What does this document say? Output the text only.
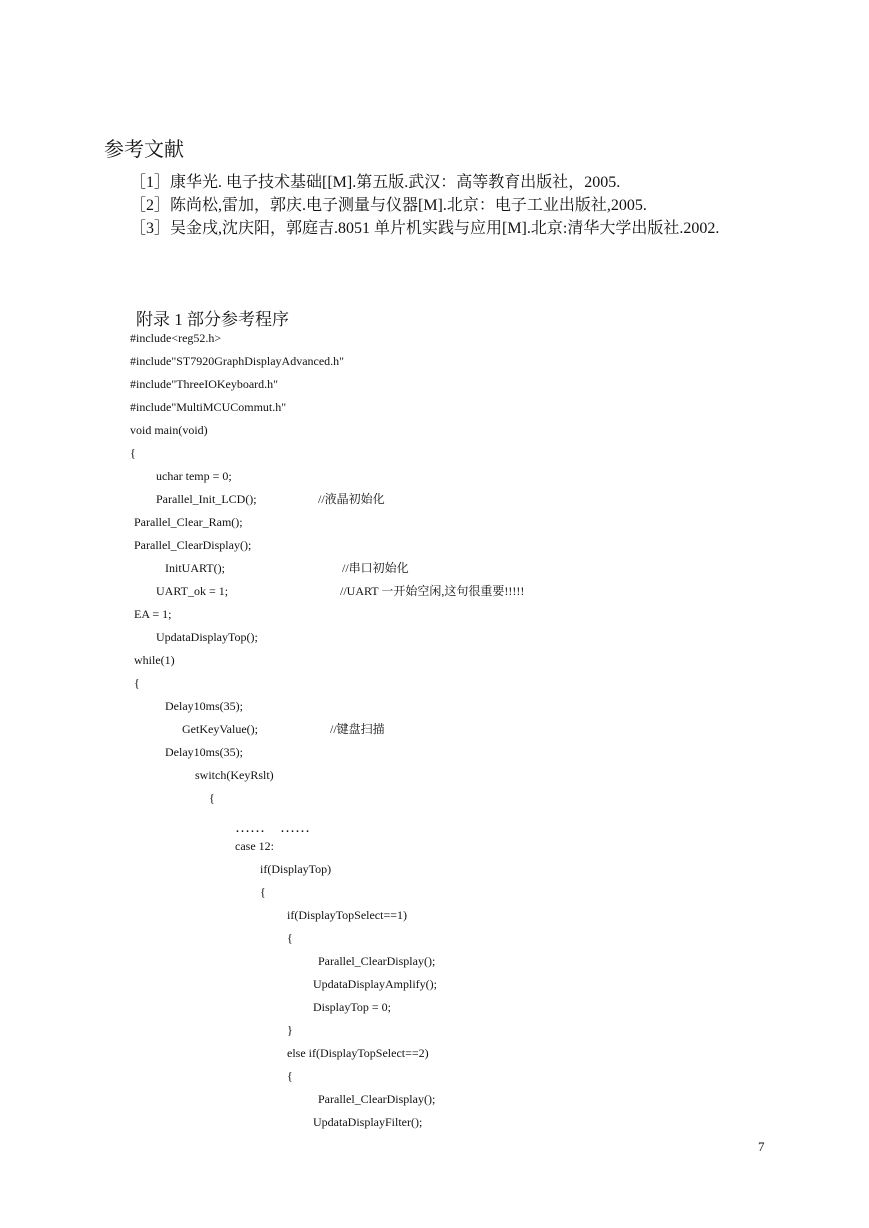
参考文献
［1］康华光. 电子技术基础[[M].第五版.武汉：高等教育出版社，2005.
［2］陈尚松,雷加，郭庆.电子测量与仪器[M].北京：电子工业出版社,2005.
［3］吴金戌,沈庆阳，郭庭吉.8051 单片机实践与应用[M].北京:清华大学出版社.2002.
附录 1 部分参考程序
#include<reg52.h>
#include"ST7920GraphDisplayAdvanced.h"
#include"ThreeIOKeyboard.h"
#include"MultiMCUCommut.h"
void main(void)
{
uchar temp = 0;
Parallel_Init_LCD();	//液晶初始化
Parallel_Clear_Ram();
Parallel_ClearDisplay();
InitUART();	//串口初始化
UART_ok = 1;	//UART 一开始空闲,这句很重要!!!!!
EA = 1;
UpdataDisplayTop();
while(1)
{
Delay10ms(35);
GetKeyValue();	//键盘扫描
Delay10ms(35);
switch(KeyRslt)
{
……    ……
case 12:
if(DisplayTop)
{
if(DisplayTopSelect==1)
{
Parallel_ClearDisplay();
UpdataDisplayAmplify();
DisplayTop = 0;
}
else if(DisplayTopSelect==2)
{
Parallel_ClearDisplay();
UpdataDisplayFilter();
7
